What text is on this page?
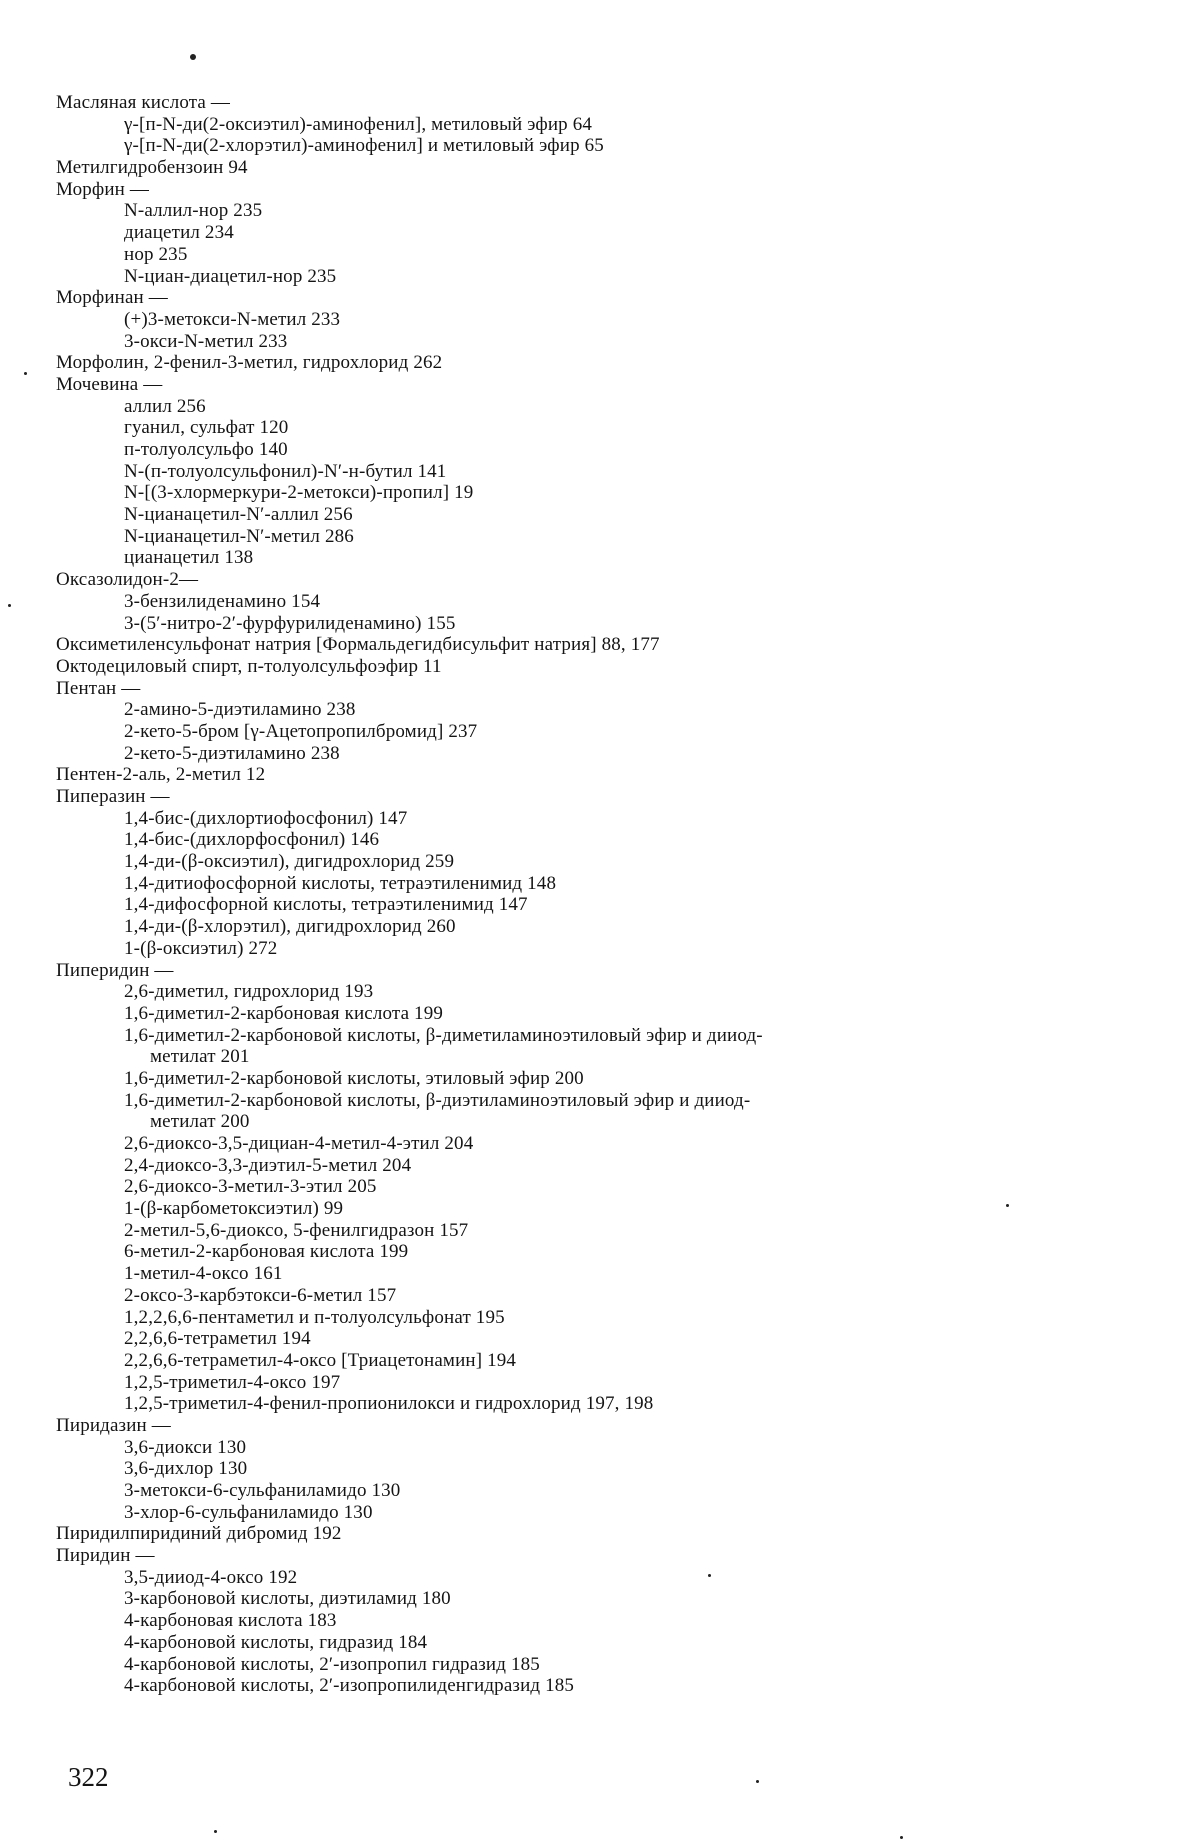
Масляная кислота —
γ-[п-N-ди(2-оксиэтил)-аминофенил], метиловый эфир 64
γ-[п-N-ди(2-хлорэтил)-аминофенил] и метиловый эфир 65
Метилгидробензоин 94
Морфин —
N-аллил-нор 235
диацетил 234
нор 235
N-циан-диацетил-нор 235
Морфинан —
(+)3-метокси-N-метил 233
3-окси-N-метил 233
Морфолин, 2-фенил-3-метил, гидрохлорид 262
Мочевина —
аллил 256
гуанил, сульфат 120
п-толуолсульфо 140
N-(п-толуолсульфонил)-N′-н-бутил 141
N-[(3-хлормеркури-2-метокси)-пропил] 19
N-цианацетил-N′-аллил 256
N-цианацетил-N′-метил 286
цианацетил 138
Оксазолидон-2—
3-бензилиденамино 154
3-(5′-нитро-2′-фурфурилиденамино) 155
Оксиметиленсульфонат натрия [Формальдегидбисульфит натрия] 88, 177
Октодециловый спирт, п-толуолсульфоэфир 11
Пентан —
2-амино-5-диэтиламино 238
2-кето-5-бром [γ-Ацетопропилбромид] 237
2-кето-5-диэтиламино 238
Пентен-2-аль, 2-метил 12
Пиперазин —
1,4-бис-(дихлортиофосфонил) 147
1,4-бис-(дихлорфосфонил) 146
1,4-ди-(β-оксиэтил), дигидрохлорид 259
1,4-дитиофосфорной кислоты, тетраэтиленимид 148
1,4-дифосфорной кислоты, тетраэтиленимид 147
1,4-ди-(β-хлорэтил), дигидрохлорид 260
1-(β-оксиэтил) 272
Пиперидин —
2,6-диметил, гидрохлорид 193
1,6-диметил-2-карбоновая кислота 199
1,6-диметил-2-карбоновой кислоты, β-диметиламиноэтиловый эфир и дииод-
метилат 201
1,6-диметил-2-карбоновой кислоты, этиловый эфир 200
1,6-диметил-2-карбоновой кислоты, β-диэтиламиноэтиловый эфир и дииод-
метилат 200
2,6-диоксо-3,5-дициан-4-метил-4-этил 204
2,4-диоксо-3,3-диэтил-5-метил 204
2,6-диоксо-3-метил-3-этил 205
1-(β-карбометоксиэтил) 99
2-метил-5,6-диоксо, 5-фенилгидразон 157
6-метил-2-карбоновая кислота 199
1-метил-4-оксо 161
2-оксо-3-карбэтокси-6-метил 157
1,2,2,6,6-пентаметил и п-толуолсульфонат 195
2,2,6,6-тетраметил 194
2,2,6,6-тетраметил-4-оксо [Триацетонамин] 194
1,2,5-триметил-4-оксо 197
1,2,5-триметил-4-фенил-пропионилокси и гидрохлорид 197, 198
Пиридазин —
3,6-диокси 130
3,6-дихлор 130
3-метокси-6-сульфаниламидо 130
3-хлор-6-сульфаниламидо 130
Пиридилпиридиний дибромид 192
Пиридин —
3,5-дииод-4-оксо 192
3-карбоновой кислоты, диэтиламид 180
4-карбоновая кислота 183
4-карбоновой кислоты, гидразид 184
4-карбоновой кислоты, 2′-изопропил гидразид 185
4-карбоновой кислоты, 2′-изопропилиденгидразид 185
322
